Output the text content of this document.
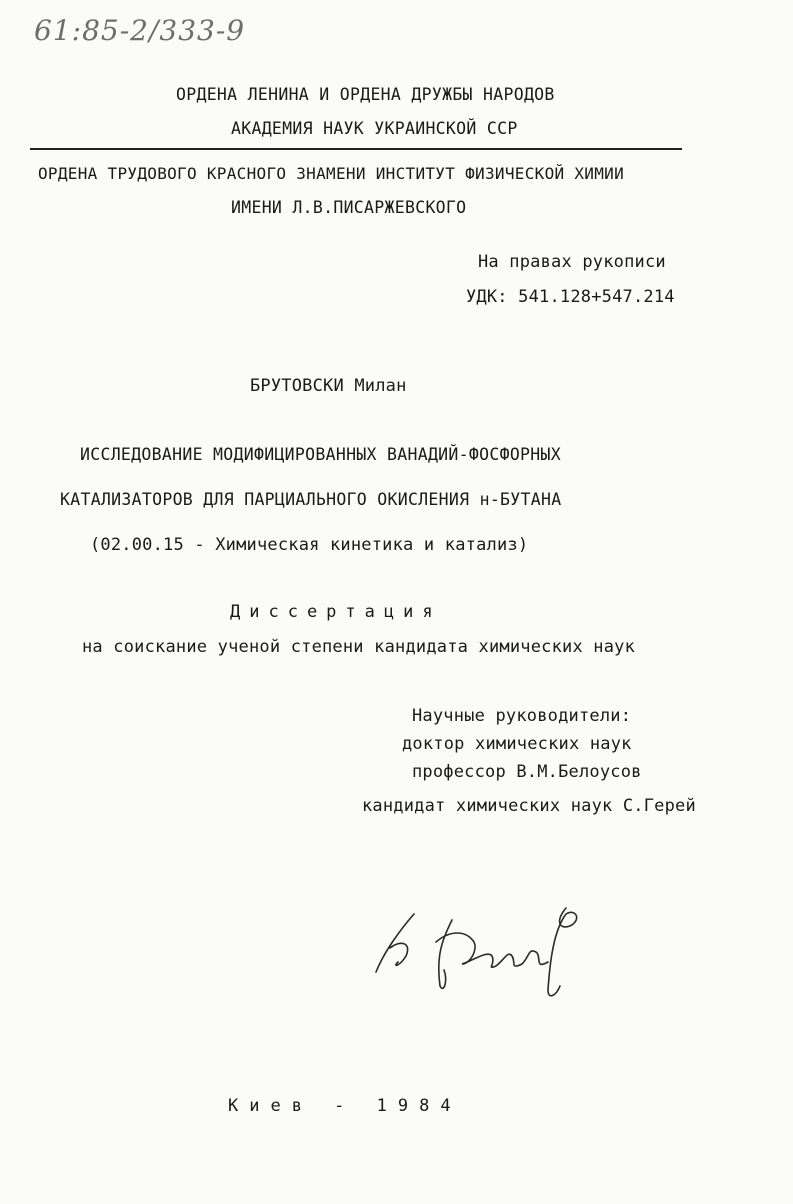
61:85-2/333-9
ОРДЕНА ЛЕНИНА И ОРДЕНА ДРУЖБЫ НАРОДОВ
АКАДЕМИЯ НАУК УКРАИНСКОЙ ССР
ОРДЕНА ТРУДОВОГО КРАСНОГО ЗНАМЕНИ ИНСТИТУТ ФИЗИЧЕСКОЙ ХИМИИ
ИМЕНИ Л.В.ПИСАРЖЕВСКОГО
На правах рукописи
УДК: 541.128+547.214
БРУТОВСКИ Милан
ИССЛЕДОВАНИЕ МОДИФИЦИРОВАННЫХ ВАНАДИЙ-ФОСФОРНЫХ
КАТАЛИЗАТОРОВ ДЛЯ ПАРЦИАЛЬНОГО ОКИСЛЕНИЯ н-БУТАНА
(02.00.15 - Химическая кинетика и катализ)
Диссертация
на соискание ученой степени кандидата химических наук
Научные руководители:
доктор химических наук
профессор В.М.Белоусов
кандидат химических наук С.Герей
Киев - 1984
